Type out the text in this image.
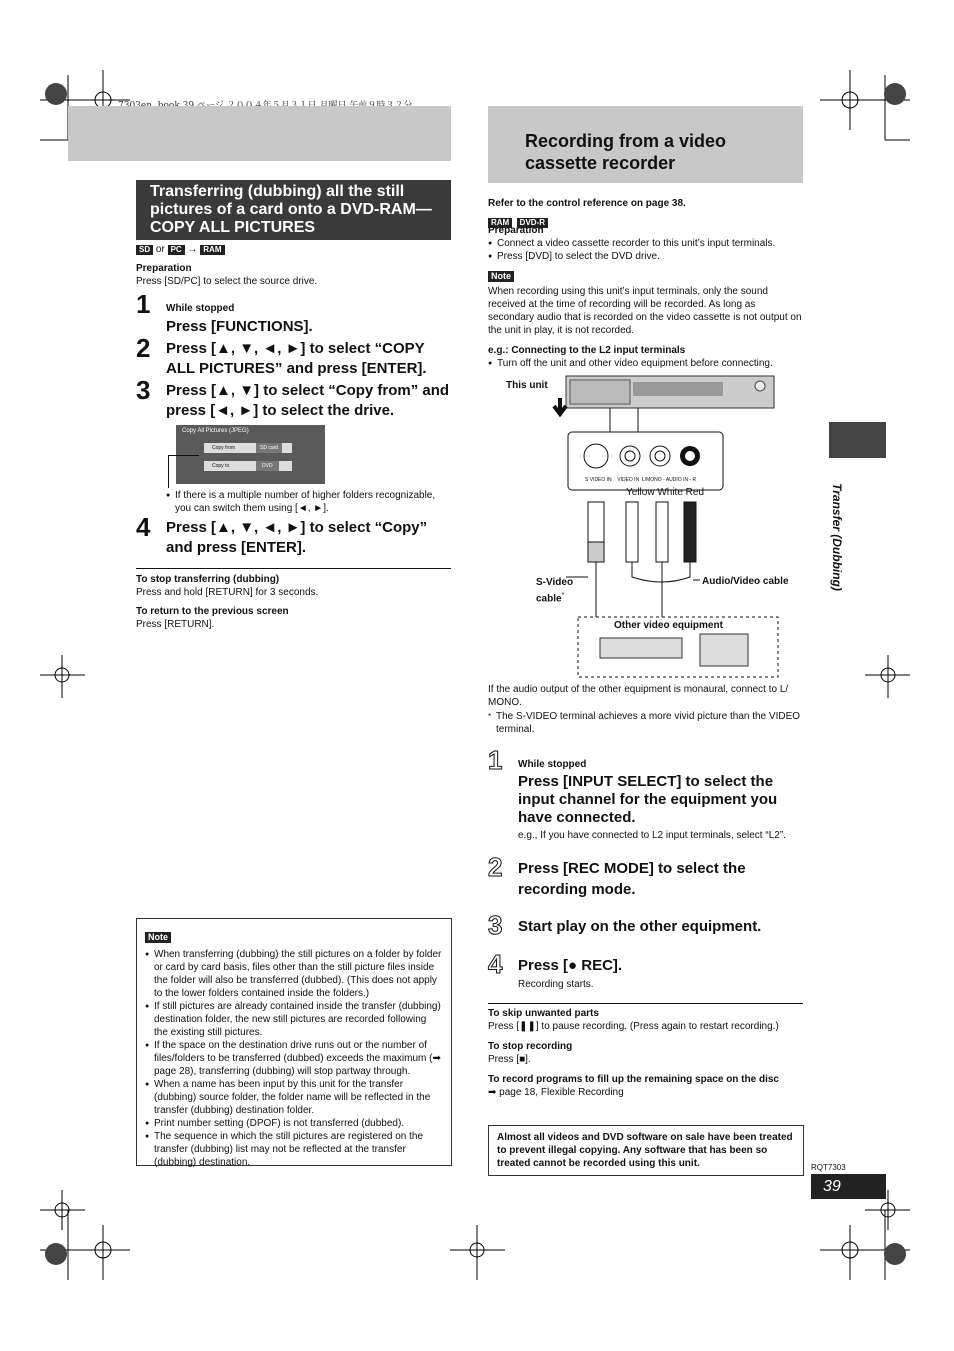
Recording from a video cassette recorder
Transferring (dubbing) all the still pictures of a card onto a DVD-RAM—COPY ALL PICTURES
SD or PC → RAM
Preparation
Press [SD/PC] to select the source drive.
1 While stopped
Press [FUNCTIONS].
2 Press [▲, ▼, ◄, ►] to select “COPY ALL PICTURES” and press [ENTER].
3 Press [▲, ▼] to select “Copy from” and press [◄, ►] to select the drive.
Copy All Pictures (JPEG)
Copy from	SD card
Copy to	DVD
● If there is a multiple number of higher folders recognizable, you can switch them using [◄, ►].
4 Press [▲, ▼, ◄, ►] to select “Copy” and press [ENTER].
To stop transferring (dubbing)
Press and hold [RETURN] for 3 seconds.
To return to the previous screen
Press [RETURN].
Note
● When transferring (dubbing) the still pictures on a folder by folder or card by card basis, files other than the still picture files inside the folder will also be transferred (dubbed). (This does not apply to the lower folders contained inside the folders.)
● If still pictures are already contained inside the transfer (dubbing) destination folder, the new still pictures are recorded following the existing still pictures.
● If the space on the destination drive runs out or the number of files/folders to be transferred (dubbed) exceeds the maximum (➡ page 28), transferring (dubbing) will stop partway through.
● When a name has been input by this unit for the transfer (dubbing) source folder, the folder name will be reflected in the transfer (dubbing) destination folder.
● Print number setting (DPOF) is not transferred (dubbed).
● The sequence in which the still pictures are registered on the transfer (dubbing) list may not be reflected at the transfer (dubbing) destination.
Refer to the control reference on page 38.
RAM DVD-R
Preparation
● Connect a video cassette recorder to this unit’s input terminals.
● Press [DVD] to select the DVD drive.
Note
When recording using this unit’s input terminals, only the sound received at the time of recording will be recorded. As long as secondary audio that is recorded on the video cassette is not output on the unit in play, it is not recorded.
e.g.: Connecting to the L2 input terminals
● Turn off the unit and other video equipment before connecting.
This unit
S VIDEO IN    VIDEO IN  L/MONO - AUDIO IN - R
Yellow White Red
S-Video
cable*
Audio/Video cable
Other video equipment
If the audio output of the other equipment is monaural, connect to L/ MONO.
* The S-VIDEO terminal achieves a more vivid picture than the VIDEO terminal.
1 While stopped
Press [INPUT SELECT] to select the input channel for the equipment you have connected.
e.g., If you have connected to L2 input terminals, select “L2”.
2 Press [REC MODE] to select the recording mode.
3 Start play on the other equipment.
4 Press [● REC].
Recording starts.
To skip unwanted parts
Press [❚❚] to pause recording. (Press again to restart recording.)
To stop recording
Press [■].
To record programs to fill up the remaining space on the disc
➡ page 18, Flexible Recording
Almost all videos and DVD software on sale have been treated to prevent illegal copying. Any software that has been so treated cannot be recorded using this unit.
Transfer (Dubbing)
RQT7303
39
